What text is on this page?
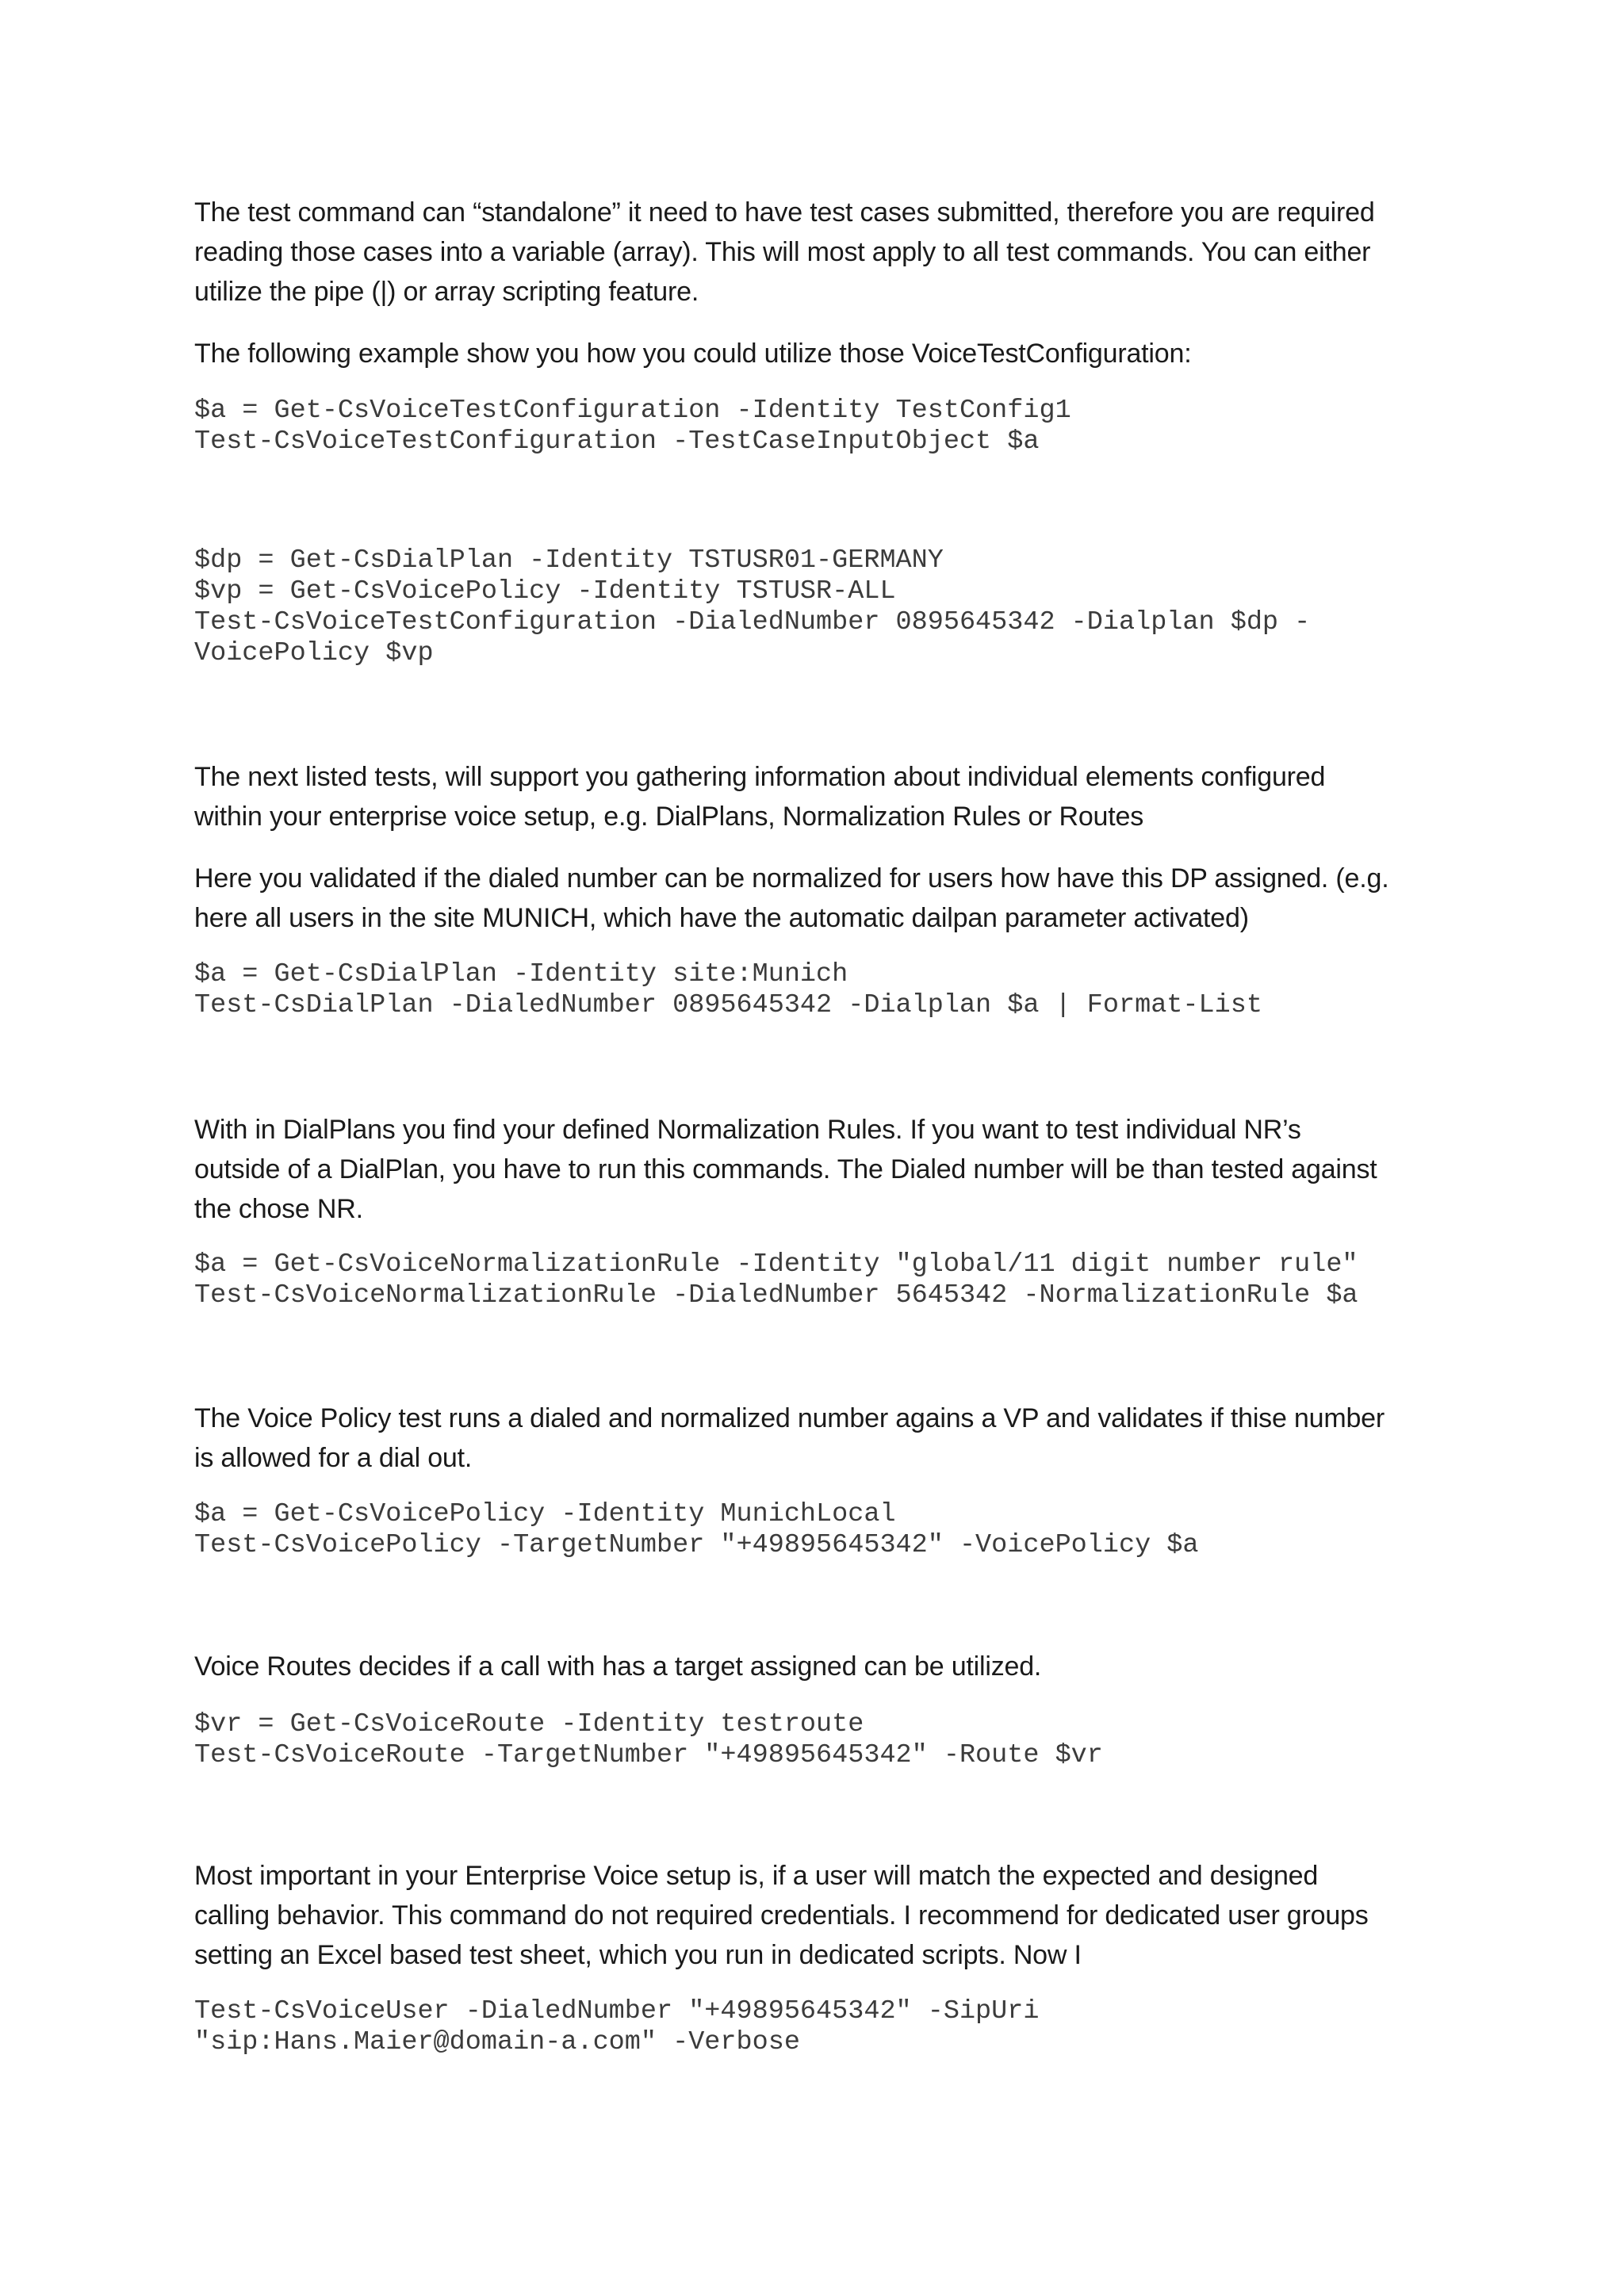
The test command can “standalone” it need to have test cases submitted, therefore you are required
reading those cases into a variable (array). This will most apply to all test commands. You can either
utilize the pipe (|) or array scripting feature.
The following example show you how you could utilize those VoiceTestConfiguration:
$a = Get-CsVoiceTestConfiguration -Identity TestConfig1
Test-CsVoiceTestConfiguration -TestCaseInputObject $a
$dp = Get-CsDialPlan -Identity TSTUSR01-GERMANY
$vp = Get-CsVoicePolicy -Identity TSTUSR-ALL
Test-CsVoiceTestConfiguration -DialedNumber 0895645342 -Dialplan $dp -
VoicePolicy $vp
The next listed tests, will support you gathering information about individual elements configured
within your enterprise voice setup, e.g. DialPlans, Normalization Rules or Routes
Here you validated if the dialed number can be normalized for users how have this DP assigned. (e.g.
here all users in the site MUNICH, which have the automatic dailpan parameter activated)
$a = Get-CsDialPlan -Identity site:Munich
Test-CsDialPlan -DialedNumber 0895645342 -Dialplan $a | Format-List
With in DialPlans you find your defined Normalization Rules. If you want to test individual NR’s
outside of a DialPlan, you have to run this commands. The Dialed number will be than tested against
the chose NR.
$a = Get-CsVoiceNormalizationRule -Identity "global/11 digit number rule"
Test-CsVoiceNormalizationRule -DialedNumber 5645342 -NormalizationRule $a
The Voice Policy test runs a dialed and normalized number agains a VP and validates if thise number
is allowed for a dial out.
$a = Get-CsVoicePolicy -Identity MunichLocal
Test-CsVoicePolicy -TargetNumber "+49895645342" -VoicePolicy $a
Voice Routes decides if a call with has a target assigned can be utilized.
$vr = Get-CsVoiceRoute -Identity testroute
Test-CsVoiceRoute -TargetNumber "+49895645342" -Route $vr
Most important in your Enterprise Voice setup is, if a user will match the expected and designed
calling behavior. This command do not required credentials. I recommend for dedicated user groups
setting an Excel based test sheet, which you run in dedicated scripts. Now I
Test-CsVoiceUser -DialedNumber "+49895645342" -SipUri
"sip:Hans.Maier@domain-a.com" -Verbose
